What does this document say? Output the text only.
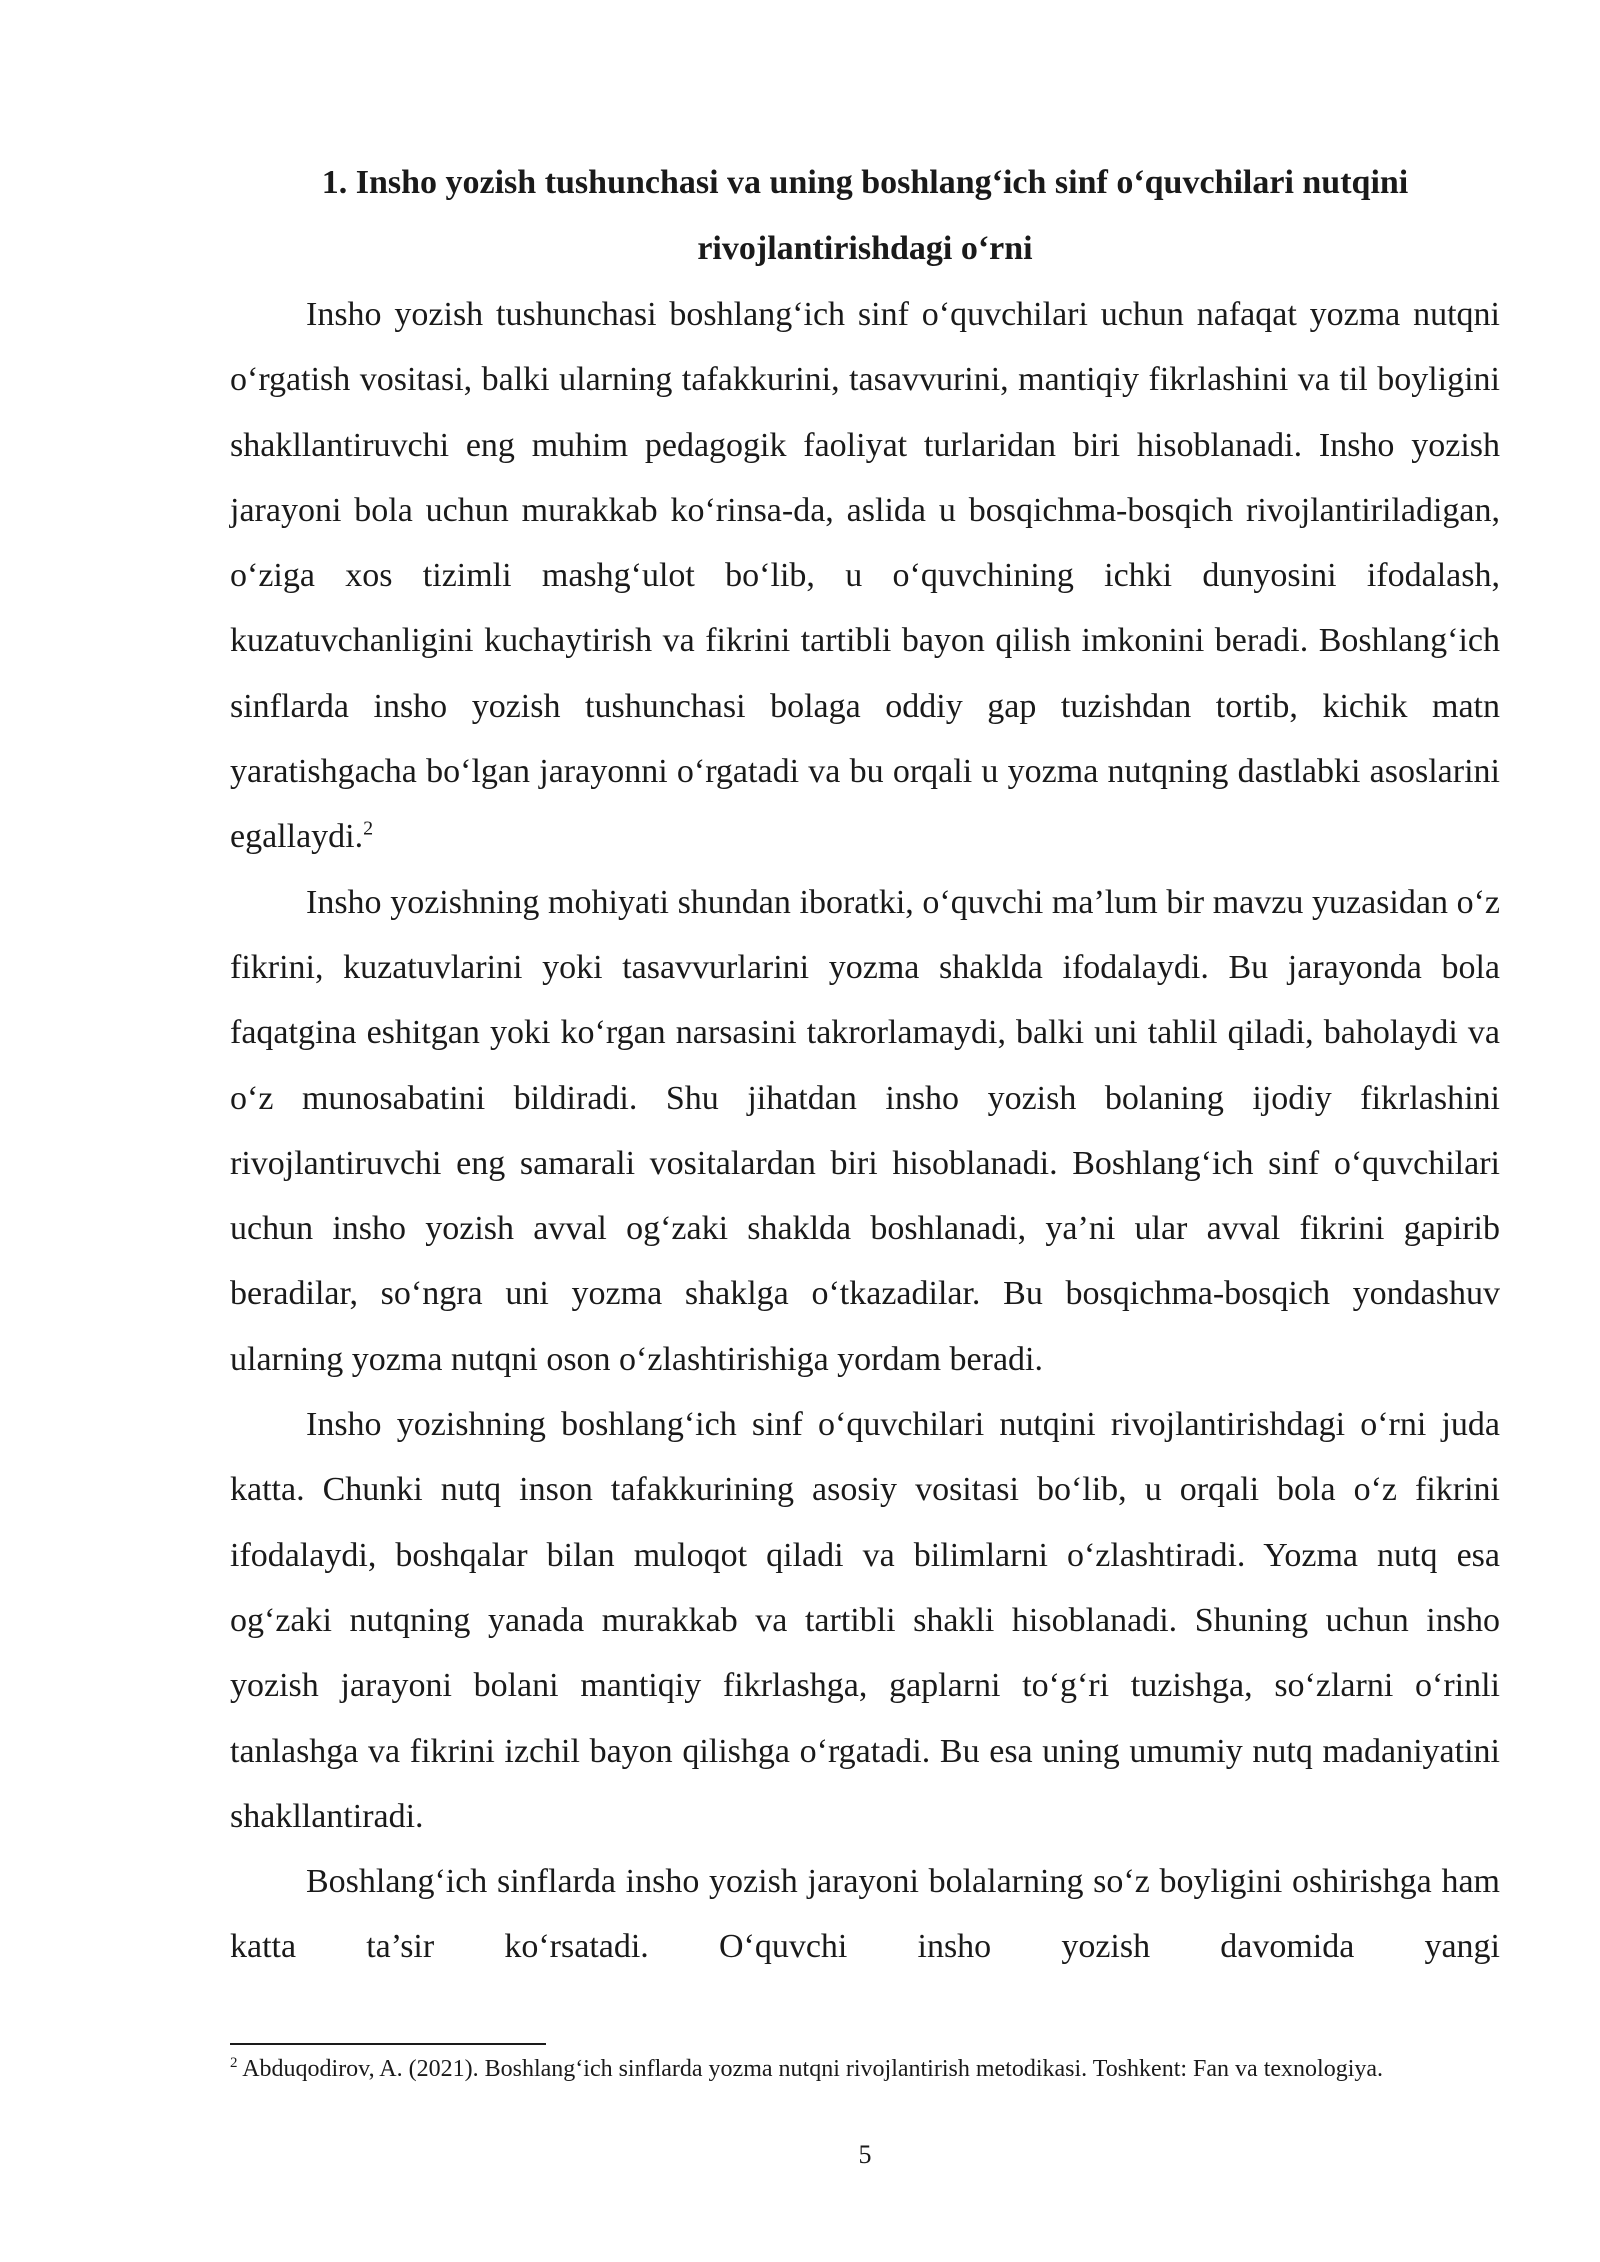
1. Insho yozish tushunchasi va uning boshlang‘ich sinf o‘quvchilari nutqini
rivojlantirishdagi o‘rni

Insho yozish tushunchasi boshlang‘ich sinf o‘quvchilari uchun nafaqat yozma nutqni o‘rgatish vositasi, balki ularning tafakkurini, tasavvurini, mantiqiy fikrlashini va til boyligini shakllantiruvchi eng muhim pedagogik faoliyat turlaridan biri hisoblanadi. Insho yozish jarayoni bola uchun murakkab ko‘rinsa-da, aslida u bosqichma-bosqich rivojlantiriladigan, o‘ziga xos tizimli mashg‘ulot bo‘lib, u o‘quvchining ichki dunyosini ifodalash, kuzatuvchanligini kuchaytirish va fikrini tartibli bayon qilish imkonini beradi. Boshlang‘ich sinflarda insho yozish tushunchasi bolaga oddiy gap tuzishdan tortib, kichik matn yaratishgacha bo‘lgan jarayonni o‘rgatadi va bu orqali u yozma nutqning dastlabki asoslarini egallaydi.$^2$

Insho yozishning mohiyati shundan iboratki, o‘quvchi ma’lum bir mavzu yuzasidan o‘z fikrini, kuzatuvlarini yoki tasavvurlarini yozma shaklda ifodalaydi. Bu jarayonda bola faqatgina eshitgan yoki ko‘rgan narsasini takrorlamaydi, balki uni tahlil qiladi, baholaydi va o‘z munosabatini bildiradi. Shu jihatdan insho yozish bolaning ijodiy fikrlashini rivojlantiruvchi eng samarali vositalardan biri hisoblanadi. Boshlang‘ich sinf o‘quvchilari uchun insho yozish avval og‘zaki shaklda boshlanadi, ya’ni ular avval fikrini gapirib beradilar, so‘ngra uni yozma shaklga o‘tkazadilar. Bu bosqichma-bosqich yondashuv ularning yozma nutqni oson o‘zlashtirishiga yordam beradi.

Insho yozishning boshlang‘ich sinf o‘quvchilari nutqini rivojlantirishdagi o‘rni juda katta. Chunki nutq inson tafakkurining asosiy vositasi bo‘lib, u orqali bola o‘z fikrini ifodalaydi, boshqalar bilan muloqot qiladi va bilimlarni o‘zlashtiradi. Yozma nutq esa og‘zaki nutqning yanada murakkab va tartibli shakli hisoblanadi. Shuning uchun insho yozish jarayoni bolani mantiqiy fikrlashga, gaplarni to‘g‘ri tuzishga, so‘zlarni o‘rinli tanlashga va fikrini izchil bayon qilishga o‘rgatadi. Bu esa uning umumiy nutq madaniyatini shakllantiradi.

Boshlang‘ich sinflarda insho yozish jarayoni bolalarning so‘z boyligini oshirishga ham katta ta’sir ko‘rsatadi. O‘quvchi insho yozish davomida yangi

$^2$ Abduqodirov, A. (2021). Boshlang‘ich sinflarda yozma nutqni rivojlantirish metodikasi. Toshkent: Fan va texnologiya.

5
